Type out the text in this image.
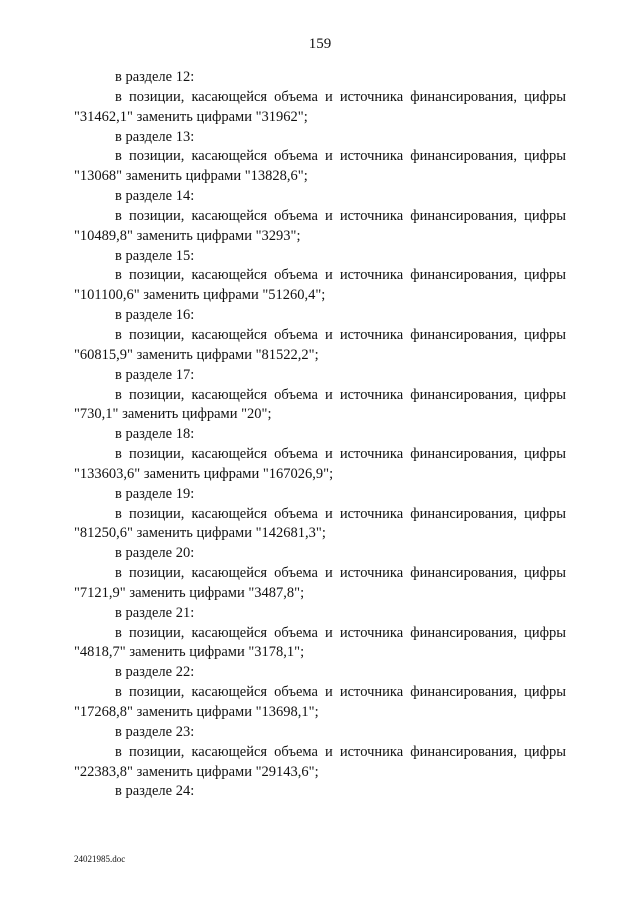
159
в разделе 12:
в позиции, касающейся объема и источника финансирования, цифры
"31462,1" заменить цифрами "31962";
в разделе 13:
в позиции, касающейся объема и источника финансирования, цифры
"13068" заменить цифрами "13828,6";
в разделе 14:
в позиции, касающейся объема и источника финансирования, цифры
"10489,8" заменить цифрами "3293";
в разделе 15:
в позиции, касающейся объема и источника финансирования, цифры
"101100,6" заменить цифрами "51260,4";
в разделе 16:
в позиции, касающейся объема и источника финансирования, цифры
"60815,9" заменить цифрами "81522,2";
в разделе 17:
в позиции, касающейся объема и источника финансирования, цифры
"730,1" заменить цифрами "20";
в разделе 18:
в позиции, касающейся объема и источника финансирования, цифры
"133603,6" заменить цифрами "167026,9";
в разделе 19:
в позиции, касающейся объема и источника финансирования, цифры
"81250,6" заменить цифрами "142681,3";
в разделе 20:
в позиции, касающейся объема и источника финансирования, цифры
"7121,9" заменить цифрами "3487,8";
в разделе 21:
в позиции, касающейся объема и источника финансирования, цифры
"4818,7" заменить цифрами "3178,1";
в разделе 22:
в позиции, касающейся объема и источника финансирования, цифры
"17268,8" заменить цифрами "13698,1";
в разделе 23:
в позиции, касающейся объема и источника финансирования, цифры
"22383,8" заменить цифрами "29143,6";
в разделе 24:
24021985.doc
